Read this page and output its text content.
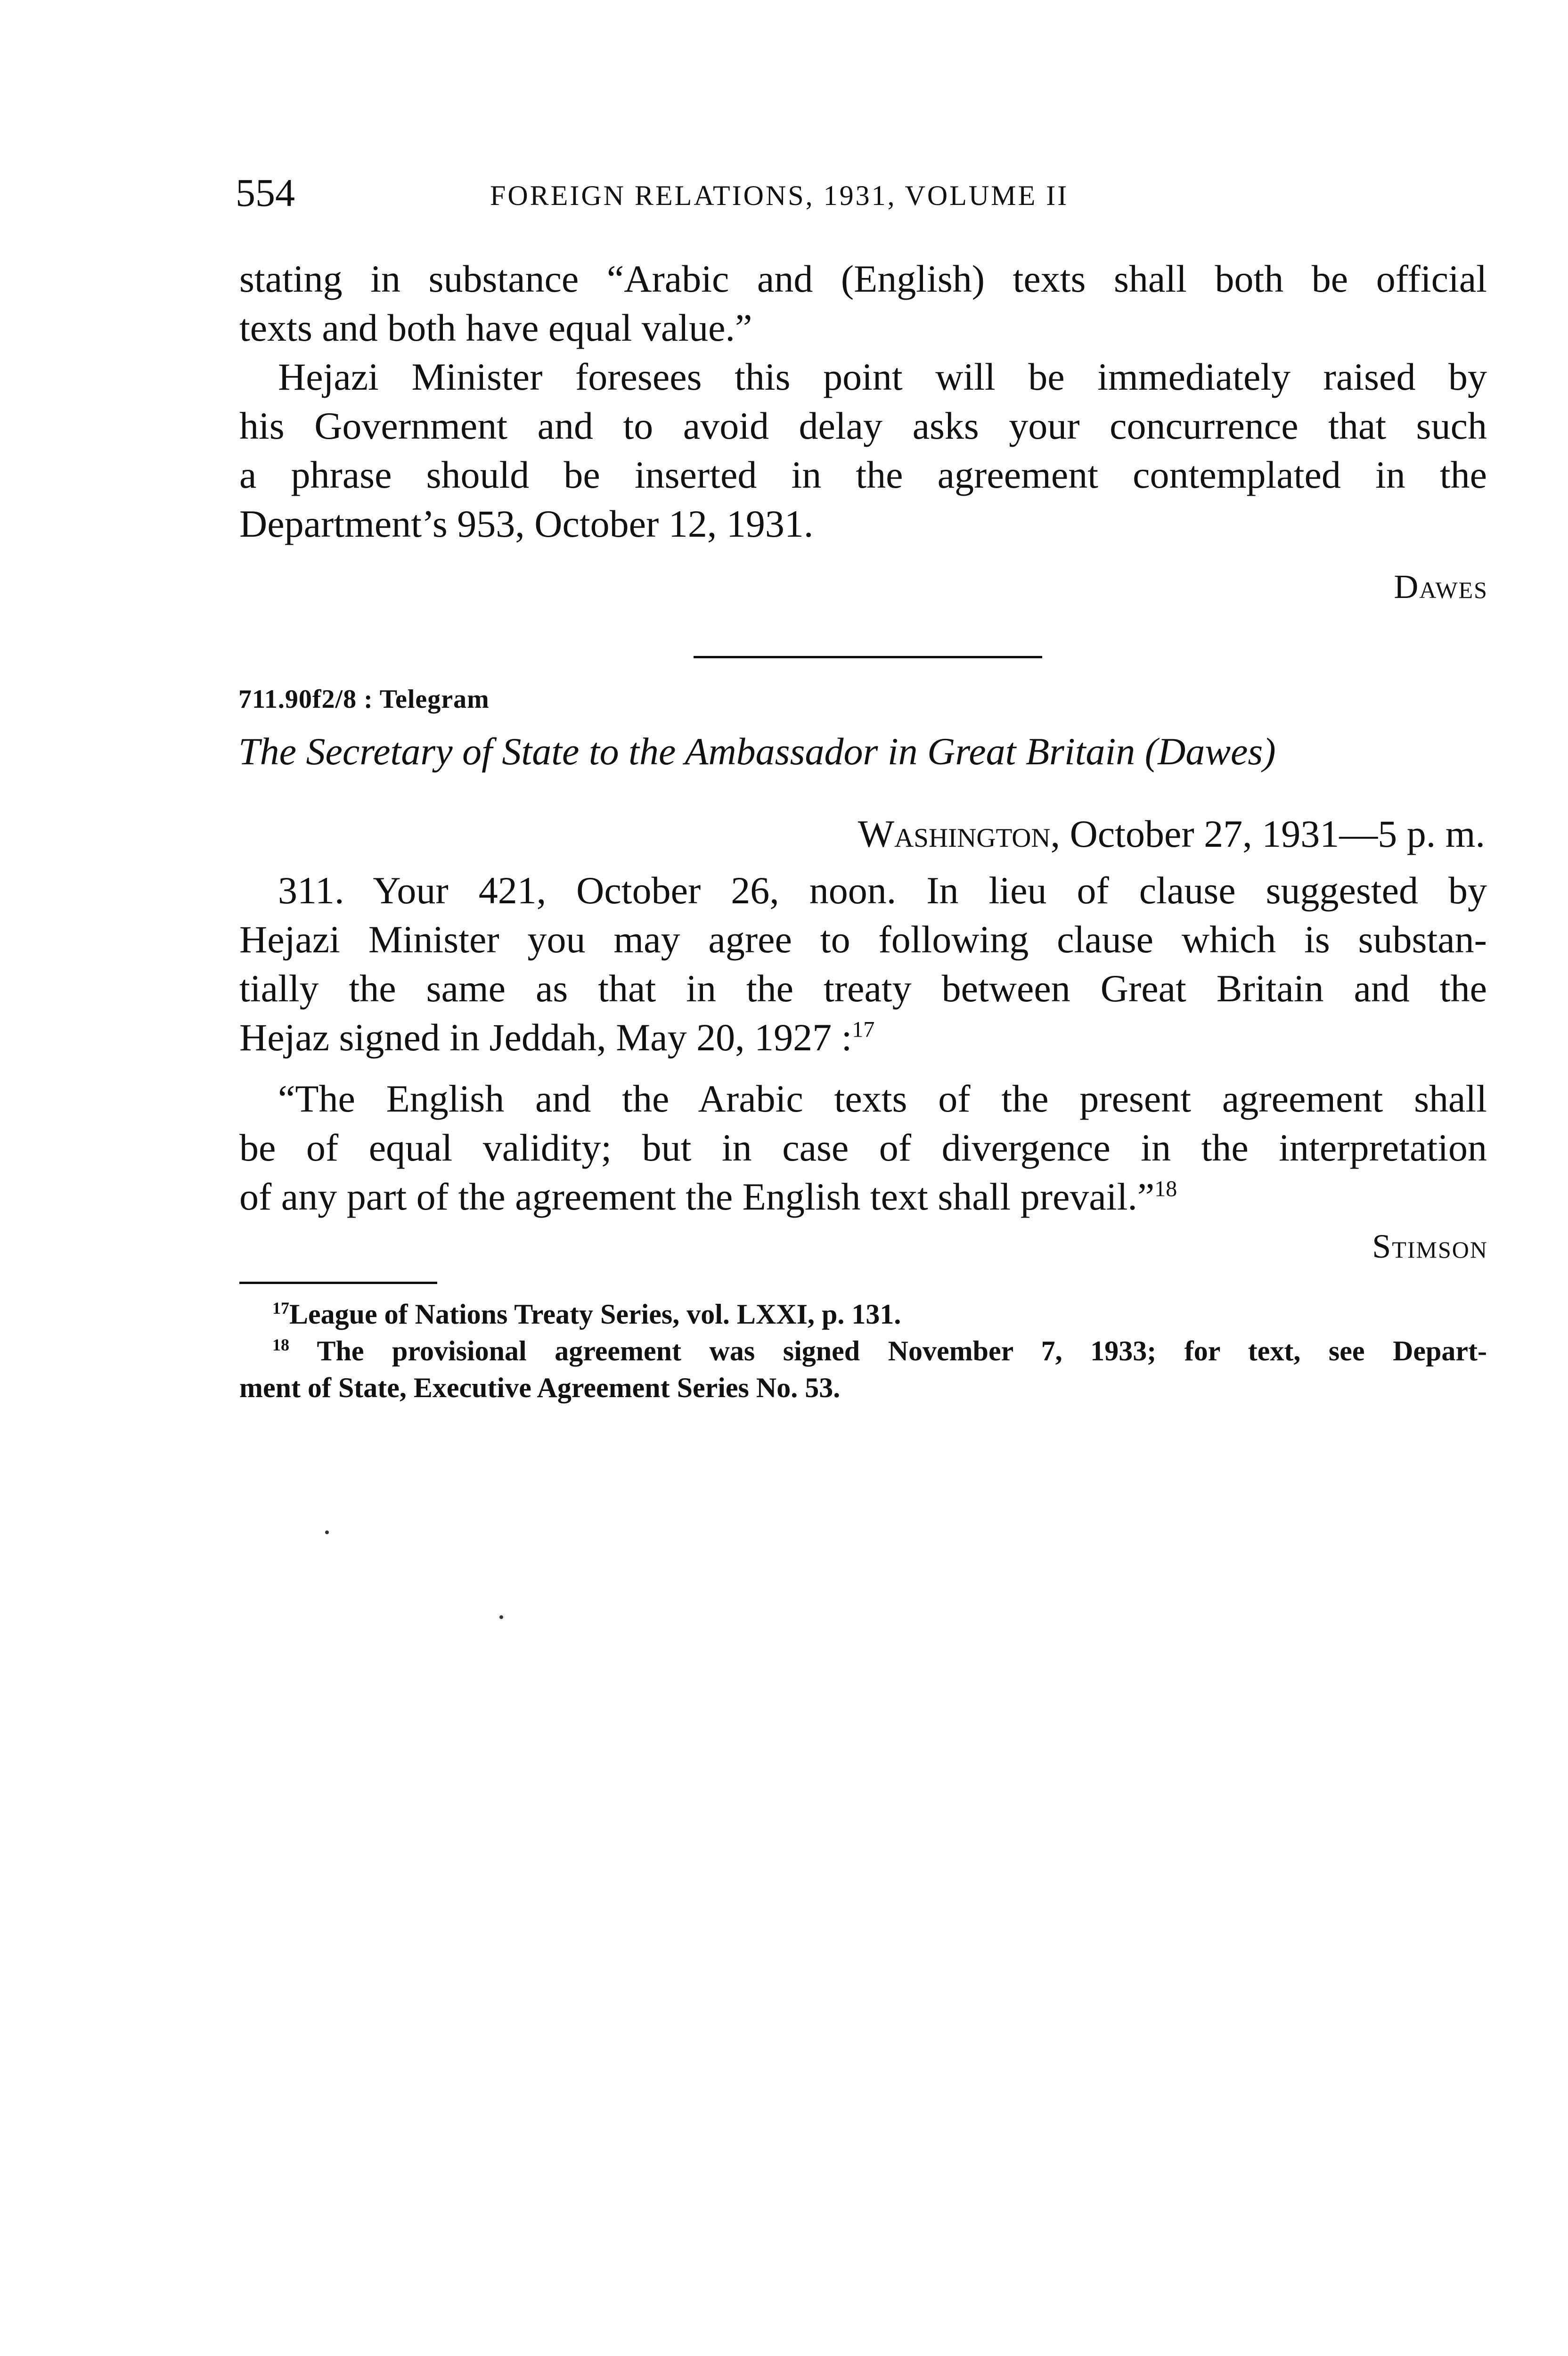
554	FOREIGN RELATIONS, 1931, VOLUME II
stating in substance “Arabic and (English) texts shall both be official
texts and both have equal value.”
Hejazi Minister foresees this point will be immediately raised by
his Government and to avoid delay asks your concurrence that such
a phrase should be inserted in the agreement contemplated in the
Department’s 953, October 12, 1931.
Dawes
711.90f2/8 : Telegram
The Secretary of State to the Ambassador in Great Britain (Dawes)
Washington, October 27, 1931—5 p. m.
311. Your 421, October 26, noon. In lieu of clause suggested by
Hejazi Minister you may agree to following clause which is substan-
tially the same as that in the treaty between Great Britain and the
Hejaz signed in Jeddah, May 20, 1927 :$^{17}$
“The English and the Arabic texts of the present agreement shall
be of equal validity; but in case of divergence in the interpretation
of any part of the agreement the English text shall prevail.”$^{18}$
Stimson
$^{17}$League of Nations Treaty Series, vol. LXXI, p. 131.
$^{18}$ The provisional agreement was signed November 7, 1933; for text, see Depart-
ment of State, Executive Agreement Series No. 53.
